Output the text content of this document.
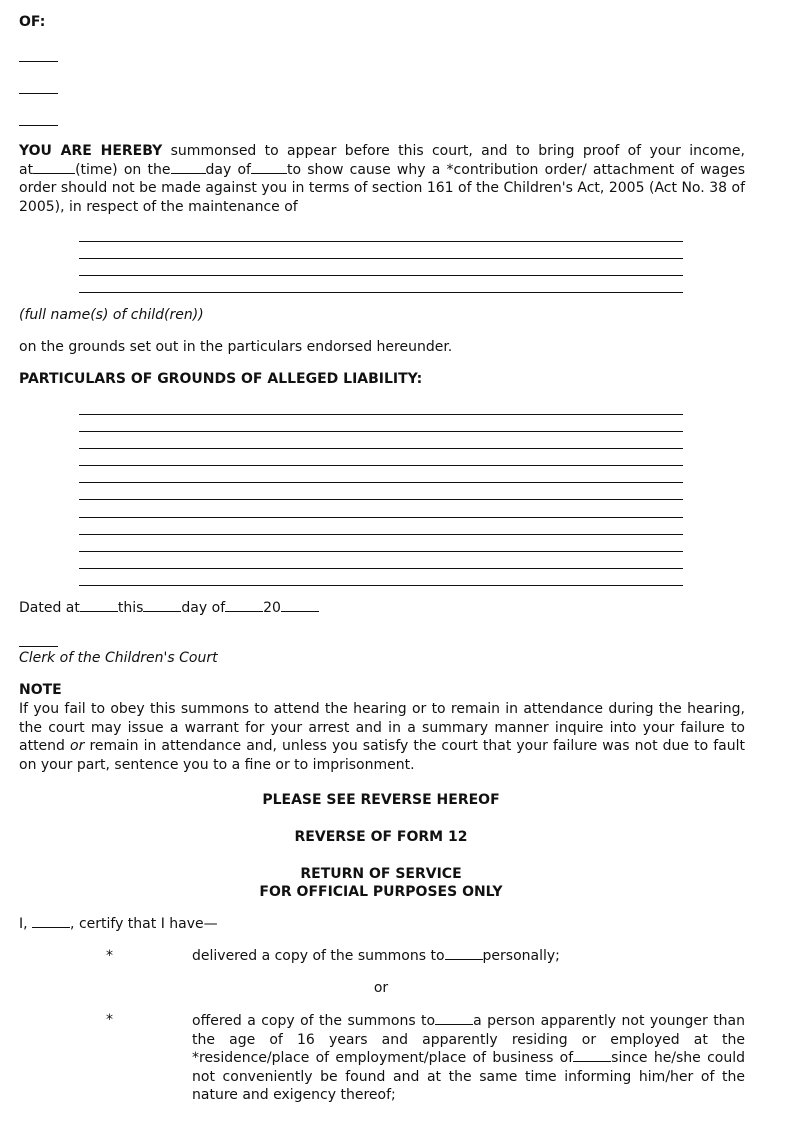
OF:
YOU ARE HEREBY summonsed to appear before this court, and to bring proof of your income,
at	(time) on the	day of	to show cause why a *contribution order/ attachment of wages
order should not be made against you in terms of section 161 of the Children's Act, 2005 (Act No. 38 of
2005), in respect of the maintenance of
(full name(s) of child(ren))
on the grounds set out in the particulars endorsed hereunder.
PARTICULARS OF GROUNDS OF ALLEGED LIABILITY:
Dated at	this	day of	20
Clerk of the Children's Court
NOTE
If you fail to obey this summons to attend the hearing or to remain in attendance during the hearing,
the court may issue a warrant for your arrest and in a summary manner inquire into your failure to
attend or remain in attendance and, unless you satisfy the court that your failure was not due to fault
on your part, sentence you to a fine or to imprisonment.
PLEASE SEE REVERSE HEREOF
REVERSE OF FORM 12
RETURN OF SERVICE
FOR OFFICIAL PURPOSES ONLY
I,	, certify that I have—
*	delivered a copy of the summons to	personally;
or
*	offered a copy of the summons to	a person apparently not younger than
the age of 16 years and apparently residing or employed at the
*residence/place of employment/place of business of	since he/she could
not conveniently be found and at the same time informing him/her of the
nature and exigency thereof;
